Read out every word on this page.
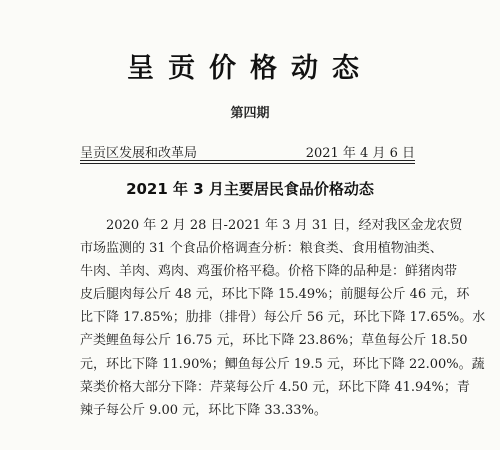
呈贡价格动态
第四期
呈贡区发展和改革局	2021 年 4 月 6 日
2021 年 3 月主要居民食品价格动态
2020 年 2 月 28 日-2021 年 3 月 31 日，经对我区金龙农贸
市场监测的 31 个食品价格调查分析：粮食类、食用植物油类、
牛肉、羊肉、鸡肉、鸡蛋价格平稳。价格下降的品种是：鲜猪肉带
皮后腿肉每公斤 48 元，环比下降 15.49%；前腿每公斤 46 元，环
比下降 17.85%；肋排（排骨）每公斤 56 元，环比下降 17.65%。水
产类鲤鱼每公斤 16.75 元，环比下降 23.86%；草鱼每公斤 18.50
元，环比下降 11.90%；鲫鱼每公斤 19.5 元，环比下降 22.00%。蔬
菜类价格大部分下降：芹菜每公斤 4.50 元，环比下降 41.94%；青
辣子每公斤 9.00 元，环比下降 33.33%。
